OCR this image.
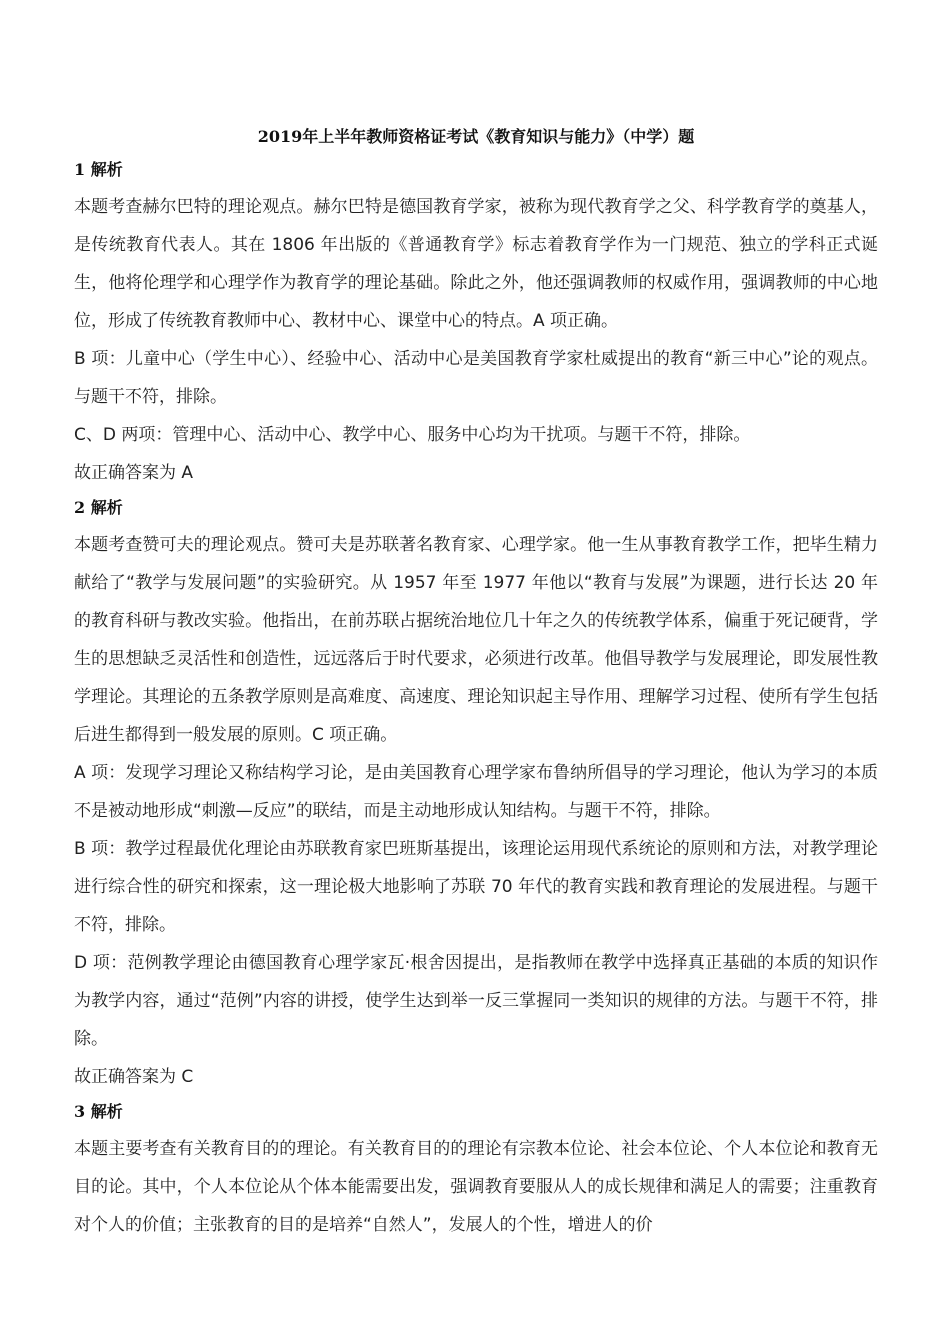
2019年上半年教师资格证考试《教育知识与能力》（中学）题
1 解析

本题考查赫尔巴特的理论观点。赫尔巴特是德国教育学家，被称为现代教育学之父、科学教育学的奠基人，是传统教育代表人。其在 1806 年出版的《普通教育学》标志着教育学作为一门规范、独立的学科正式诞生，他将伦理学和心理学作为教育学的理论基础。除此之外，他还强调教师的权威作用，强调教师的中心地位，形成了传统教育教师中心、教材中心、课堂中心的特点。A 项正确。

B 项：儿童中心（学生中心）、经验中心、活动中心是美国教育学家杜威提出的教育“新三中心”论的观点。与题干不符，排除。

C、D 两项：管理中心、活动中心、教学中心、服务中心均为干扰项。与题干不符，排除。

故正确答案为 A

2 解析

本题考查赞可夫的理论观点。赞可夫是苏联著名教育家、心理学家。他一生从事教育教学工作，把毕生精力献给了“教学与发展问题”的实验研究。从 1957 年至 1977 年他以“教育与发展”为课题，进行长达 20 年的教育科研与教改实验。他指出，在前苏联占据统治地位几十年之久的传统教学体系，偏重于死记硬背，学生的思想缺乏灵活性和创造性，远远落后于时代要求，必须进行改革。他倡导教学与发展理论，即发展性教学理论。其理论的五条教学原则是高难度、高速度、理论知识起主导作用、理解学习过程、使所有学生包括后进生都得到一般发展的原则。C 项正确。

A 项：发现学习理论又称结构学习论，是由美国教育心理学家布鲁纳所倡导的学习理论，他认为学习的本质不是被动地形成“刺激—反应”的联结，而是主动地形成认知结构。与题干不符，排除。

B 项：教学过程最优化理论由苏联教育家巴班斯基提出，该理论运用现代系统论的原则和方法，对教学理论进行综合性的研究和探索，这一理论极大地影响了苏联 70 年代的教育实践和教育理论的发展进程。与题干不符，排除。

D 项：范例教学理论由德国教育心理学家瓦·根舍因提出，是指教师在教学中选择真正基础的本质的知识作为教学内容，通过“范例”内容的讲授，使学生达到举一反三掌握同一类知识的规律的方法。与题干不符，排除。

故正确答案为 C

3 解析

本题主要考查有关教育目的的理论。有关教育目的的理论有宗教本位论、社会本位论、个人本位论和教育无目的论。其中，个人本位论从个体本能需要出发，强调教育要服从人的成长规律和满足人的需要；注重教育对个人的价值；主张教育的目的是培养“自然人”，发展人的个性，增进人的价
